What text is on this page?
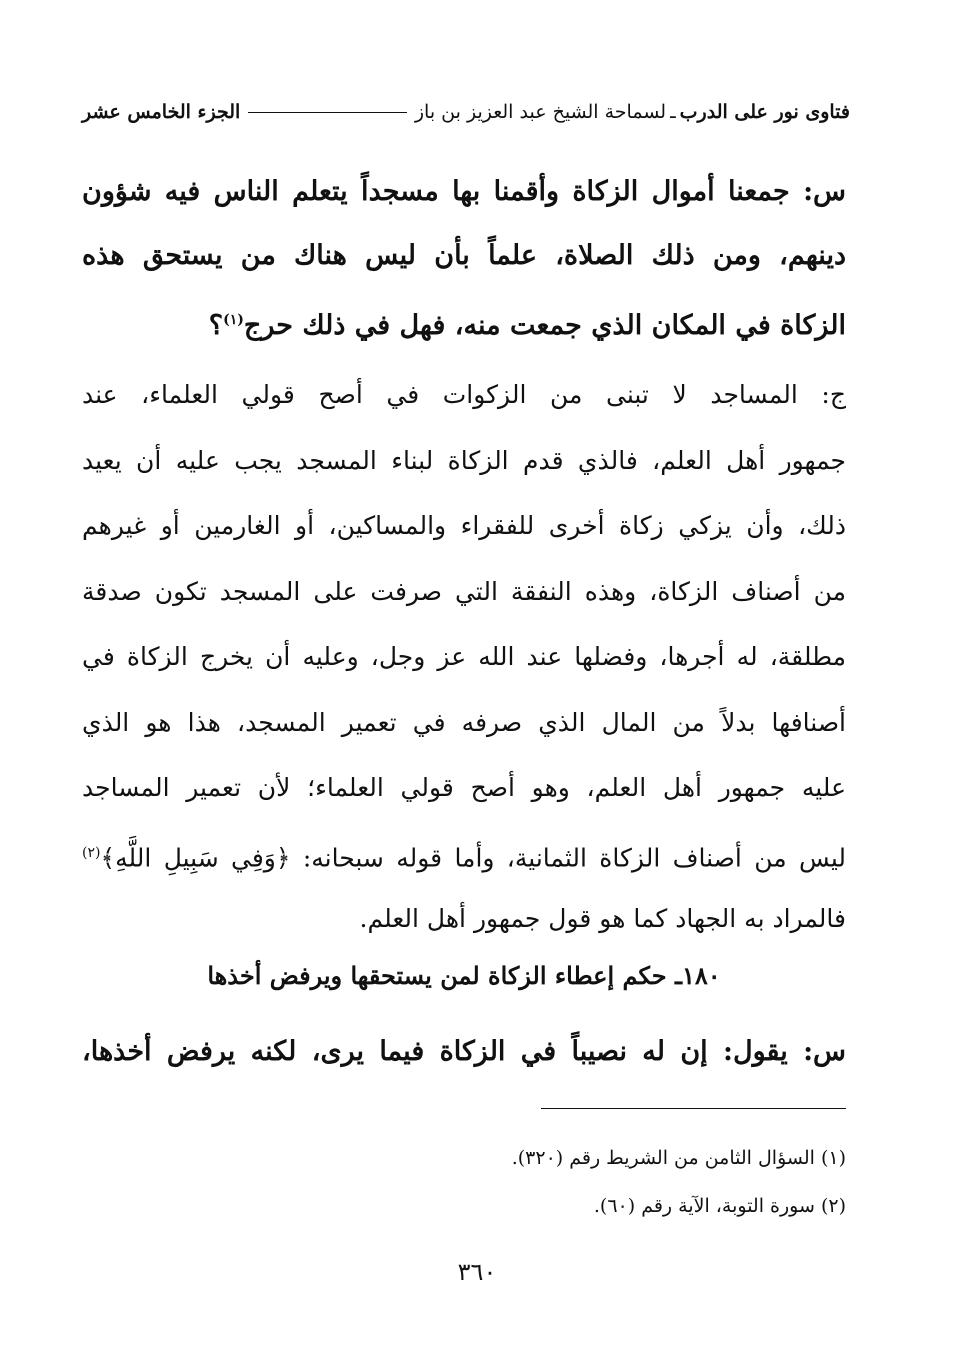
فتاوى نور على الدرب
ـ
لسماحة الشيخ عبد العزيز بن باز
الجزء الخامس عشر
س: جمعنا أموال الزكاة وأقمنا بها مسجداً يتعلم الناس فيه شؤون
دينهم، ومن ذلك الصلاة، علماً بأن ليس هناك من يستحق هذه
الزكاة في المكان الذي جمعت منه، فهل في ذلك حرج$^{(١)}$؟
ج: المساجد لا تبنى من الزكوات في أصح قولي العلماء، عند
جمهور أهل العلم، فالذي قدم الزكاة لبناء المسجد يجب عليه أن يعيد
ذلك، وأن يزكي زكاة أخرى للفقراء والمساكين، أو الغارمين أو غيرهم
من أصناف الزكاة، وهذه النفقة التي صرفت على المسجد تكون صدقة
مطلقة، له أجرها، وفضلها عند الله عز وجل، وعليه أن يخرج الزكاة في
أصنافها بدلاً من المال الذي صرفه في تعمير المسجد، هذا هو الذي
عليه جمهور أهل العلم، وهو أصح قولي العلماء؛ لأن تعمير المساجد
ليس من أصناف الزكاة الثمانية، وأما قوله سبحانه: ﴿وَفِي سَبِيلِ اللَّهِ﴾$^{(٢)}$
فالمراد به الجهاد كما هو قول جمهور أهل العلم.
١٨٠ـ حكم إعطاء الزكاة لمن يستحقها ويرفض أخذها
س: يقول: إن له نصيباً في الزكاة فيما يرى، لكنه يرفض أخذها،
(١) السؤال الثامن من الشريط رقم (٣٢٠).
(٢) سورة التوبة، الآية رقم (٦٠).
٣٦٠
